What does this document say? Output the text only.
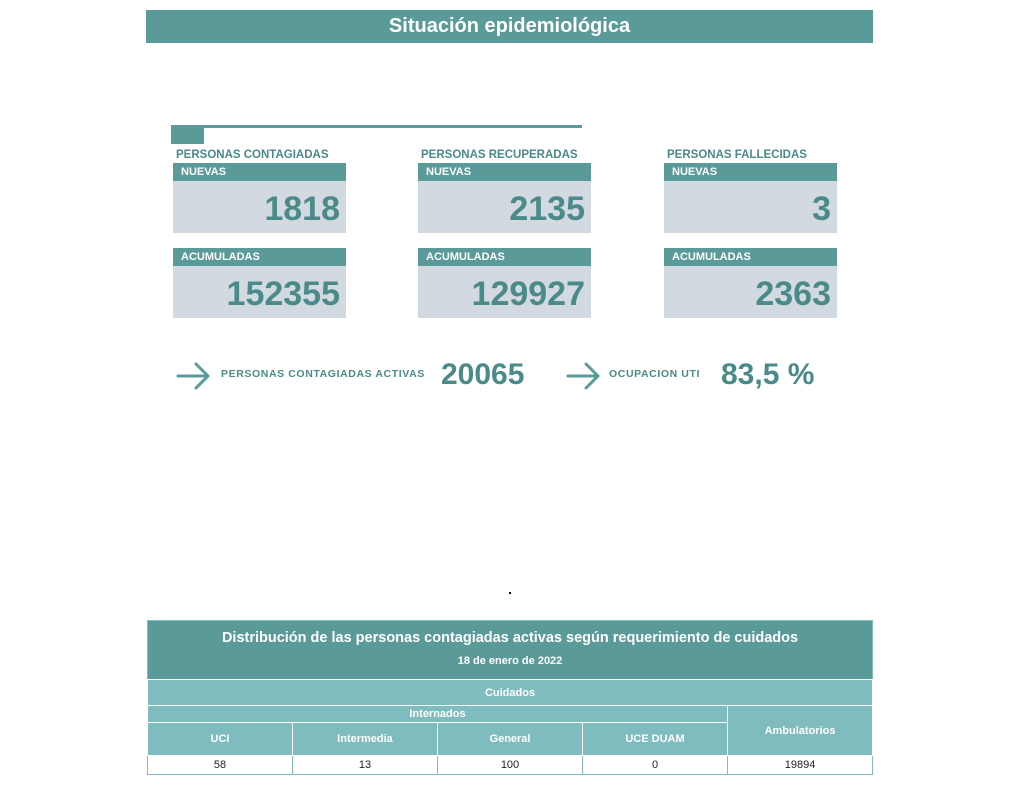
Situación epidemiológica
PERSONAS CONTAGIADAS
NUEVAS
1818
ACUMULADAS
152355
PERSONAS RECUPERADAS
NUEVAS
2135
ACUMULADAS
129927
PERSONAS FALLECIDAS
NUEVAS
3
ACUMULADAS
2363
PERSONAS CONTAGIADAS ACTIVAS 20065	OCUPACION UTI 83,5 %
Distribución de las personas contagiadas activas según requerimiento de cuidados				
18 de enero de 2022				
Cuidados				
Internados				Ambulatorios
UCI	Intermedia	General	UCE DUAM	
58	13	100	0	19894
